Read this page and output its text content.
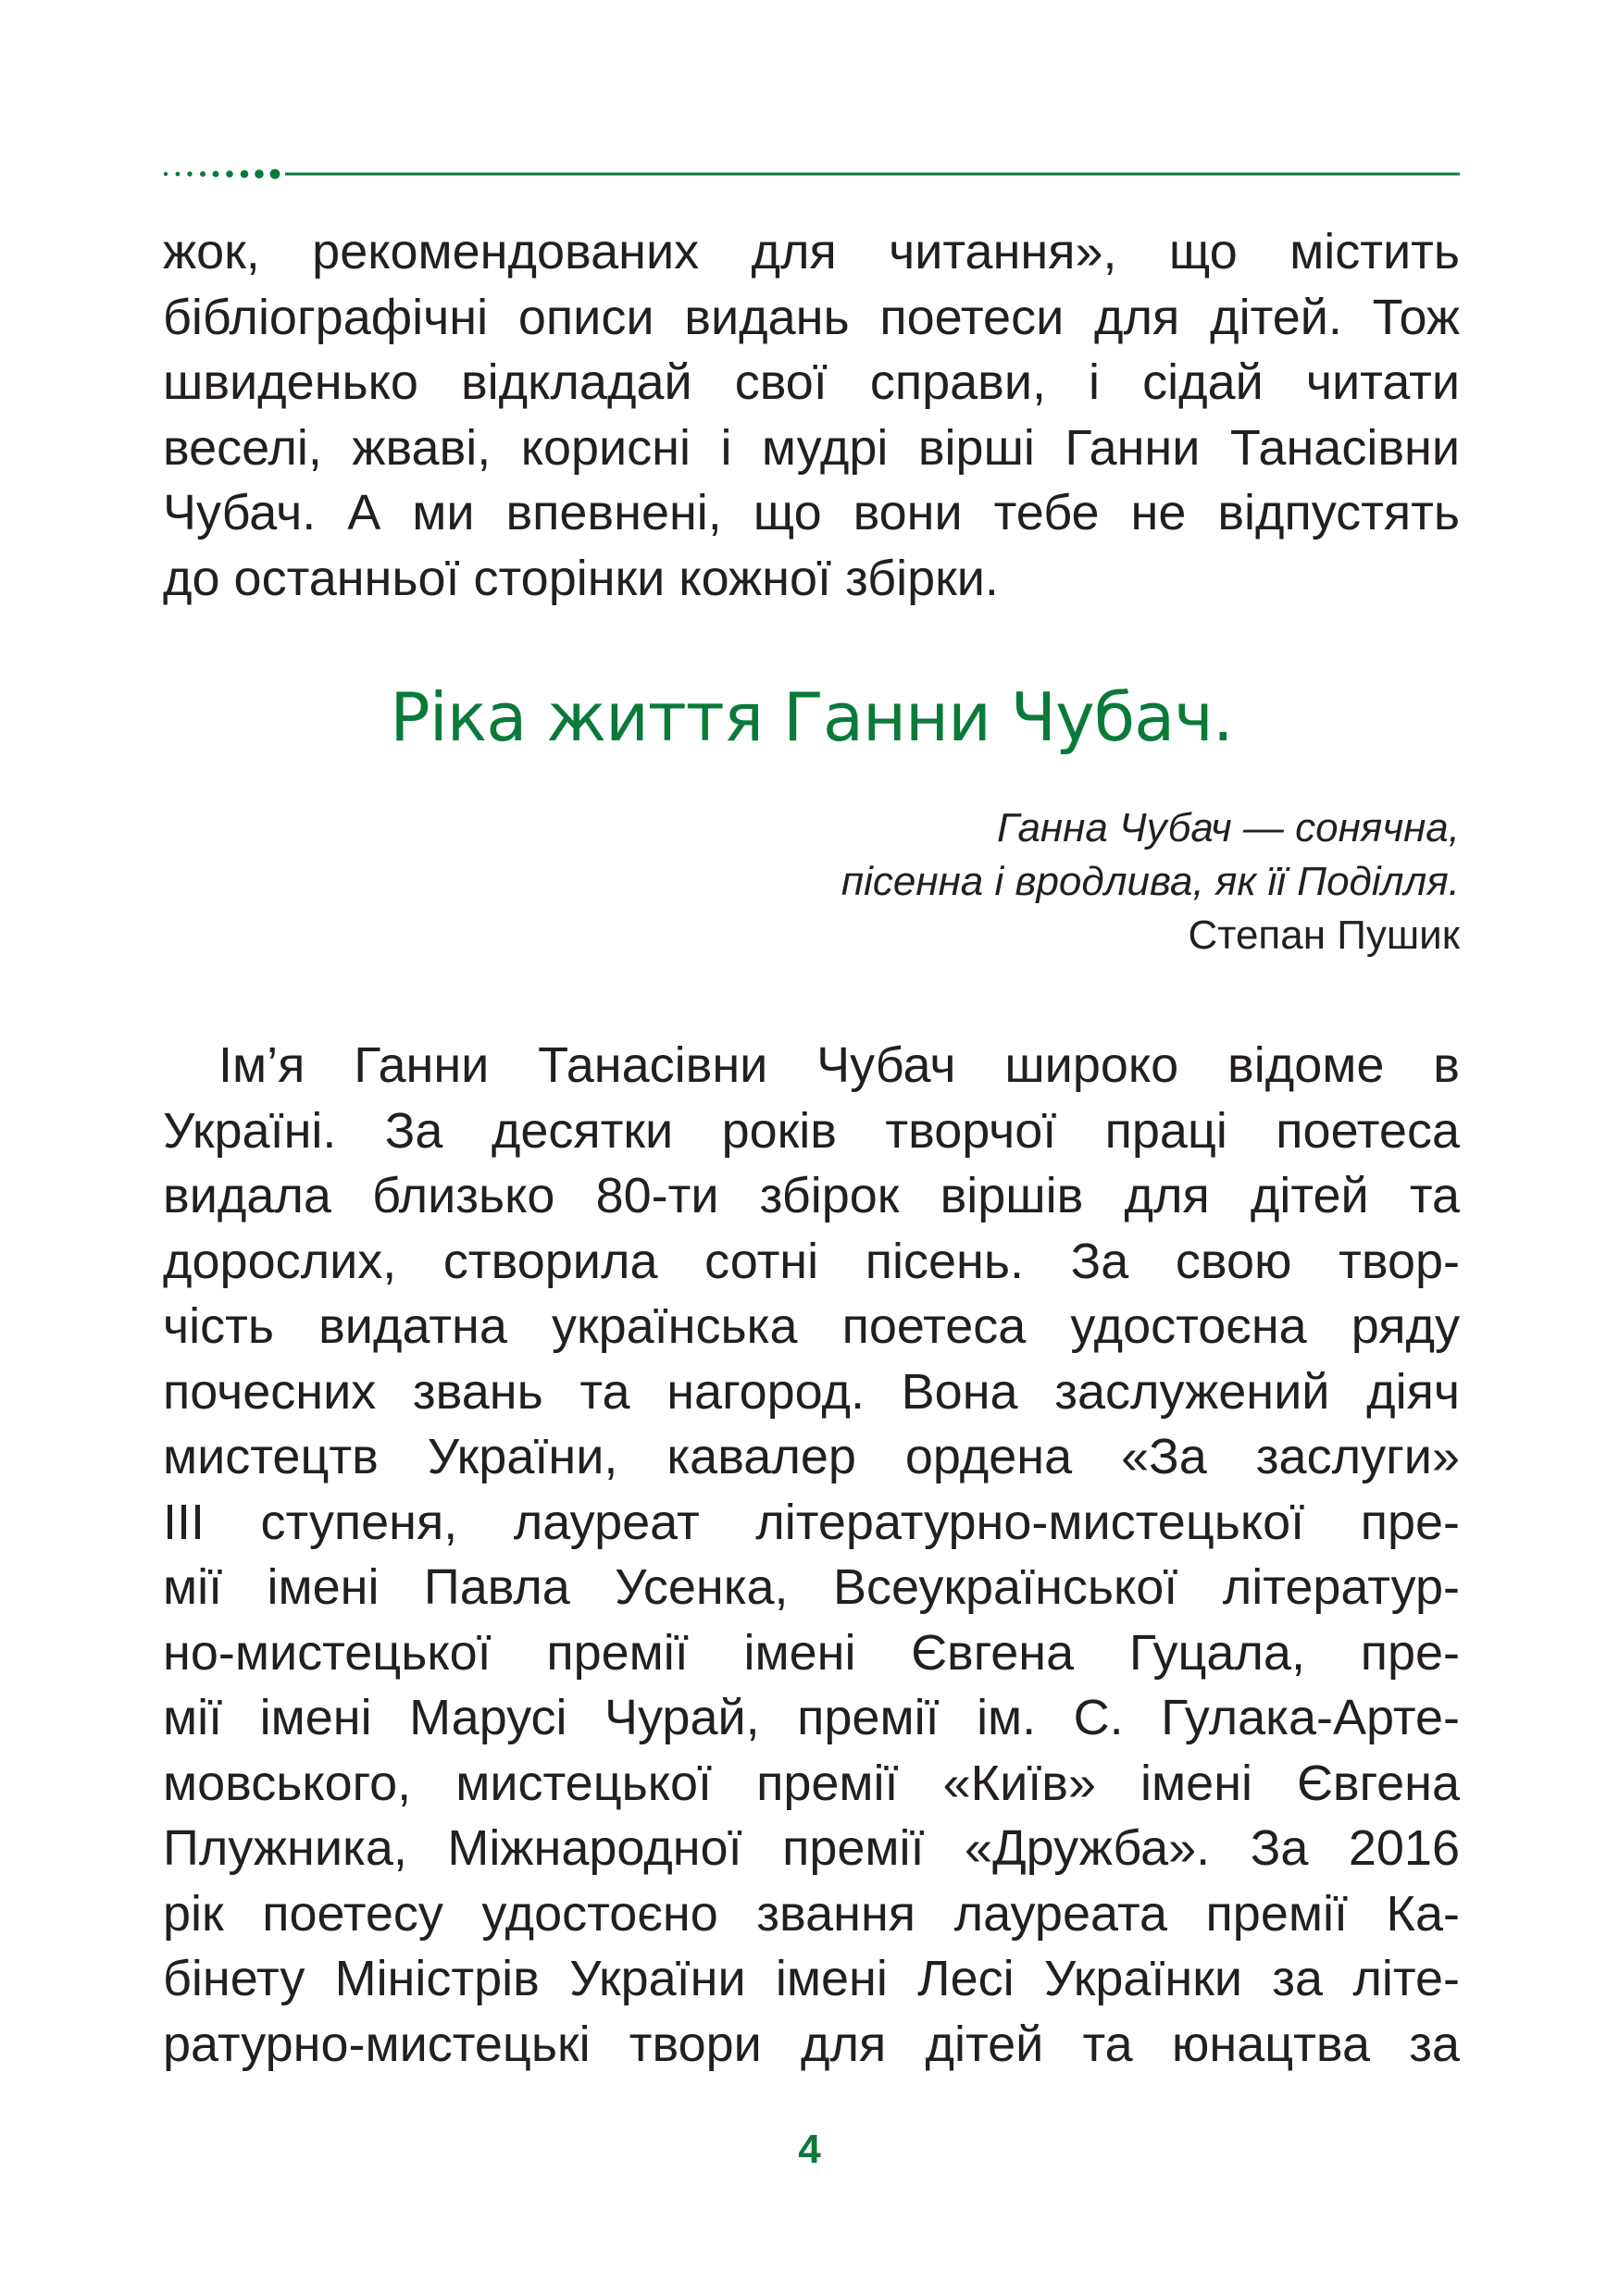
жок, рекомендованих для читання», що містить
бібліографічні описи видань поетеси для дітей. Тож
швиденько відкладай свої справи, і сідай читати
веселі, жваві, корисні і мудрі вірші Ганни Танасівни
Чубач. А ми впевнені, що вони тебе не відпустять
до останньої сторінки кожної збірки.
Ріка життя Ганни Чубач.
Ганна Чубач — сонячна,
пісенна і вродлива, як її Поділля.
Степан Пушик
Ім’я Ганни Танасівни Чубач широко відоме в
Україні. За десятки років творчої праці поетеса
видала близько 80-ти збірок віршів для дітей та
дорослих, створила сотні пісень. За свою твор-
чість видатна українська поетеса удостоєна ряду
почесних звань та нагород. Вона заслужений діяч
мистецтв України, кавалер ордена «За заслуги»
ІІІ ступеня, лауреат літературно-мистецької пре-
мії імені Павла Усенка, Всеукраїнської літератур-
но-мистецької премії імені Євгена Гуцала, пре-
мії імені Марусі Чурай, премії ім. С. Гулака-Арте-
мовського, мистецької премії «Київ» імені Євгена
Плужника, Міжнародної премії «Дружба». За 2016
рік поетесу удостоєно звання лауреата премії Ка-
бінету Міністрів України імені Лесі Українки за літе-
ратурно-мистецькі твори для дітей та юнацтва за
4
